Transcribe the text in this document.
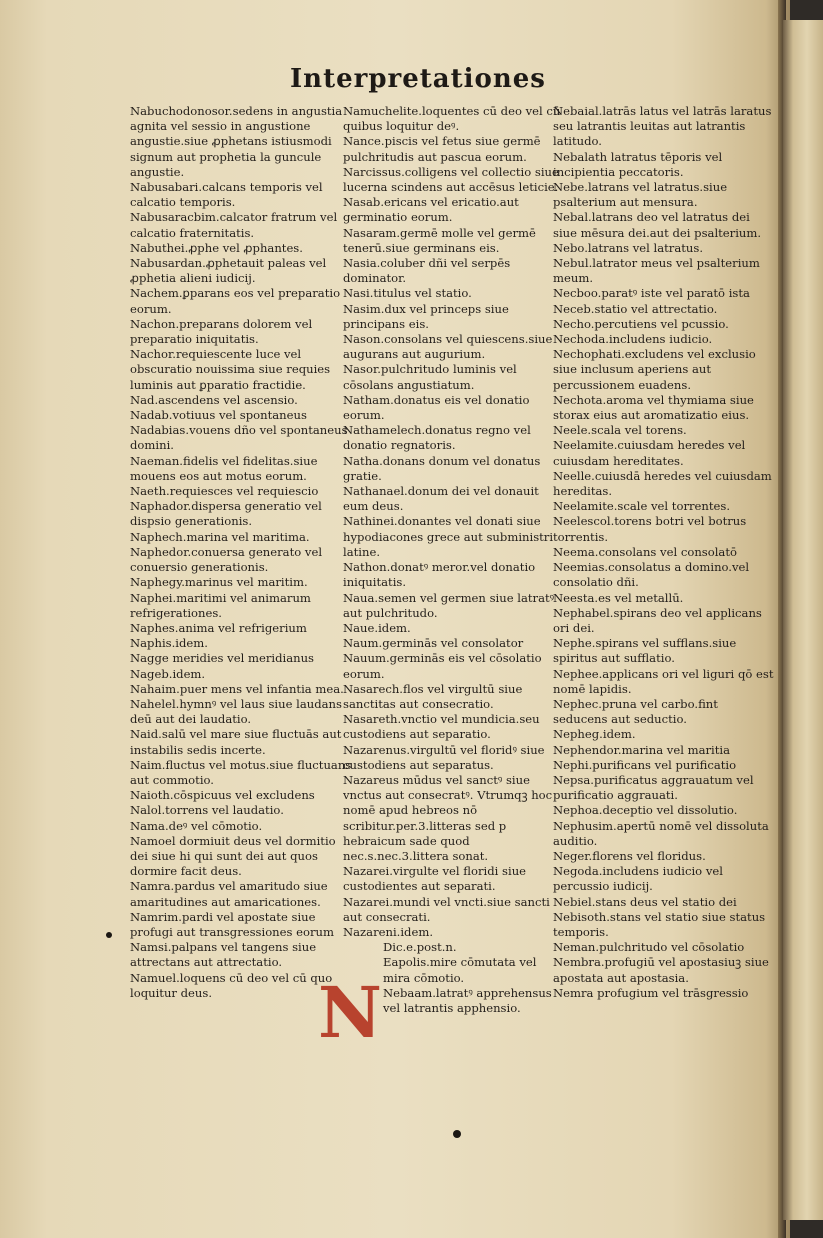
Interpretationes
Nabuchodonosor.sedens in angustia agnita vel sessio in angustione angustie.siue ꝓphetans istiusmodi signum aut prophetia la guncule angustie.
Nabusabari.calcans temporis vel calcatio temporis.
Nabusaracbim.calcator fratrum vel calcatio fraternitatis.
Nabuthei.ꝓphe vel ꝓphantes.
Nabusardan.ꝓphetauit paleas vel ꝓphetia alieni iudicij.
Nachem.ꝑparans eos vel preparatio eorum.
Nachon.preparans dolorem vel preparatio iniquitatis.
Nachor.requiescente luce vel obscuratio nouissima siue requies luminis aut ꝑparatio fractidie.
Nad.ascendens vel ascensio.
Nadab.votiuus vel spontaneus
Nadabias.vouens dño vel spontaneus domini.
Naeman.fidelis vel fidelitas.siue mouens eos aut motus eorum.
Naeth.requiesces vel requiescio
Naphador.dispersa generatio vel dispsio generationis.
Naphech.marina vel maritima.
Naphedor.conuersa generato vel conuersio generationis.
Naphegy.marinus vel maritim.
Naphei.maritimi vel animarum refrigerationes.
Naphes.anima vel refrigerium
Naphis.idem.
Nagge meridies vel meridianus
Nageb.idem.
Nahaim.puer mens vel infantia mea.
Nahelel.hymnꝰ vel laus siue laudans deū aut dei laudatio.
Naid.salū vel mare siue fluctuās aut instabilis sedis incerte.
Naim.fluctus vel motus.siue fluctuans aut commotio.
Naioth.cōspicuus vel excludens
Nalol.torrens vel laudatio.
Nama.deꝰ vel cōmotio.
Namoel dormiuit deus vel dormitio dei siue hi qui sunt dei aut quos dormire facit deus.
Namra.pardus vel amaritudo siue amaritudines aut amaricationes.
Namrim.pardi vel apostate siue profugi aut transgressiones eorum
Namsi.palpans vel tangens siue attrectans aut attrectatio.
Namuel.loquens cū deo vel cū quo loquitur deus.
Namuchelite.loquentes cū deo vel cū quibus loquitur deꝰ.
Nance.piscis vel fetus siue germē pulchritudis aut pascua eorum.
Narcissus.colligens vel collectio siue lucerna scindens aut accēsus leticie.
Nasab.ericans vel ericatio.aut germinatio eorum.
Nasaram.germē molle vel germē tenerū.siue germinans eis.
Nasia.coluber dñi vel serpēs dominator.
Nasi.titulus vel statio.
Nasim.dux vel princeps siue principans eis.
Nason.consolans vel quiescens.siue augurans aut augurium.
Nasor.pulchritudo luminis vel cōsolans angustiatum.
Natham.donatus eis vel donatio eorum.
Nathamelech.donatus regno vel donatio regnatoris.
Natha.donans donum vel donatus gratie.
Nathanael.donum dei vel donauit eum deus.
Nathinei.donantes vel donati siue hypodiacones grece aut subministri latine.
Nathon.donatꝰ meror.vel donatio iniquitatis.
Naua.semen vel germen siue latratꝰ aut pulchritudo.
Naue.idem.
Naum.germinās vel consolator
Nauum.germinās eis vel cōsolatio eorum.
Nasarech.flos vel virgultū siue sanctitas aut consecratio.
Nasareth.vnctio vel mundicia.seu custodiens aut separatio.
Nazarenus.virgultū vel floridꝰ siue custodiens aut separatus.
Nazareus mūdus vel sanctꝰ siue vnctus aut consecratꝰ. Vtrumqꝫ hoc nomē apud hebreos nō scribitur.per.3.litteras sed p hebraicum sade quod nec.s.nec.3.littera sonat.
Nazarei.virgulte vel floridi siue custodientes aut separati.
Nazarei.mundi vel vncti.siue sancti aut consecrati.
Nazareni.idem.
Dic.e.post.n.
Eapolis.mire cōmutata vel mira cōmotio.
Nebaam.latratꝰ apprehensus vel latrantis apphensio.
Nebaial.latrās latus vel latrās laratus seu latrantis leuitas aut latrantis latitudo.
Nebalath latratus tēporis vel incipientia peccatoris.
Nebe.latrans vel latratus.siue psalterium aut mensura.
Nebal.latrans deo vel latratus dei siue mēsura dei.aut dei psalterium.
Nebo.latrans vel latratus.
Nebul.latrator meus vel psalterium meum.
Necboo.paratꝰ iste vel paratō ista
Neceb.statio vel attrectatio.
Necho.percutiens vel pcussio.
Nechoda.includens iudicio.
Nechophati.excludens vel exclusio siue inclusum aperiens aut percussionem euadens.
Nechota.aroma vel thymiama siue storax eius aut aromatizatio eius.
Neele.scala vel torens.
Neelamite.cuiusdam heredes vel cuiusdam hereditates.
Neelle.cuiusdā heredes vel cuiusdam hereditas.
Neelamite.scale vel torrentes.
Neelescol.torens botri vel botrus torrentis.
Neema.consolans vel consolatō
Neemias.consolatus a domino.vel consolatio dñi.
Neesta.es vel metallū.
Nephabel.spirans deo vel applicans ori dei.
Nephe.spirans vel sufflans.siue spiritus aut sufflatio.
Nephee.applicans ori vel liguri qō est nomē lapidis.
Nephec.pruna vel carbo.fint seducens aut seductio.
Nepheg.idem.
Nephendor.marina vel maritia
Nephi.purificans vel purificatio
Nepsa.purificatus aggrauatum vel purificatio aggrauati.
Nephoa.deceptio vel dissolutio.
Nephusim.apertū nomē vel dissoluta auditio.
Neger.florens vel floridus.
Negoda.includens iudicio vel percussio iudicij.
Nebiel.stans deus vel statio dei
Nebisoth.stans vel statio siue status temporis.
Neman.pulchritudo vel cōsolatio
Nembra.profugiū vel apostasiuꝫ siue apostata aut apostasia.
Nemra profugium vel trāsgressio
N
